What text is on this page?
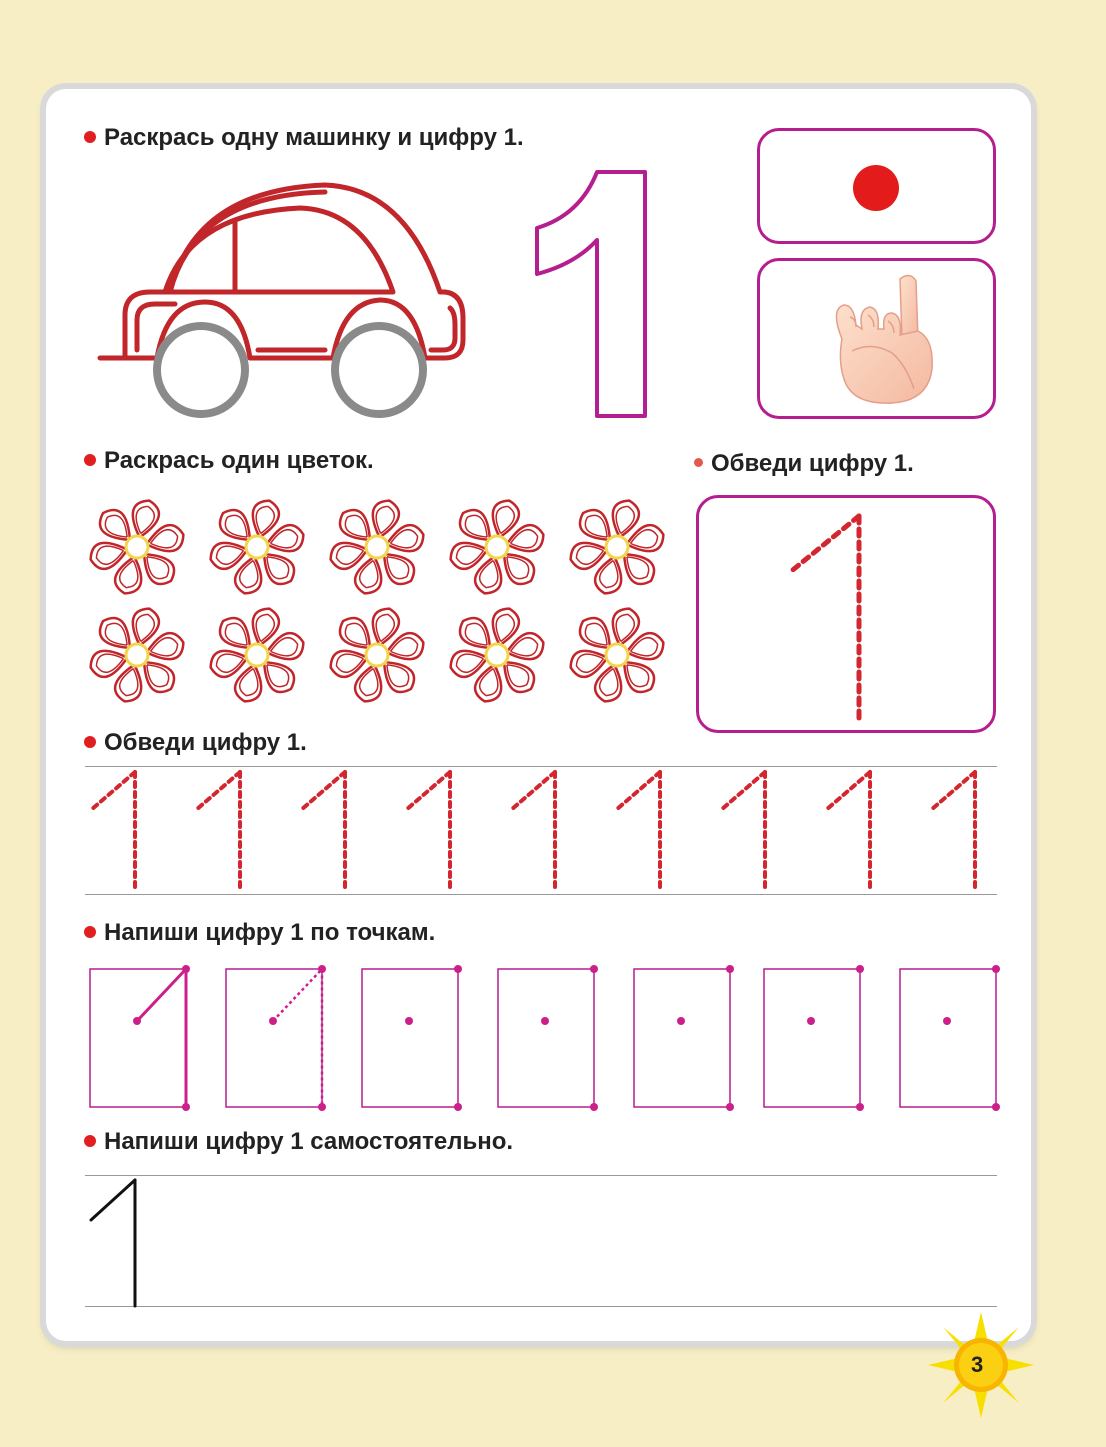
Раскрась одну машинку и цифру 1.
Раскрась один цветок.	Обведи цифру 1.
Обведи цифру 1.
Напиши цифру 1 по точкам.
Напиши цифру 1 самостоятельно.
3
